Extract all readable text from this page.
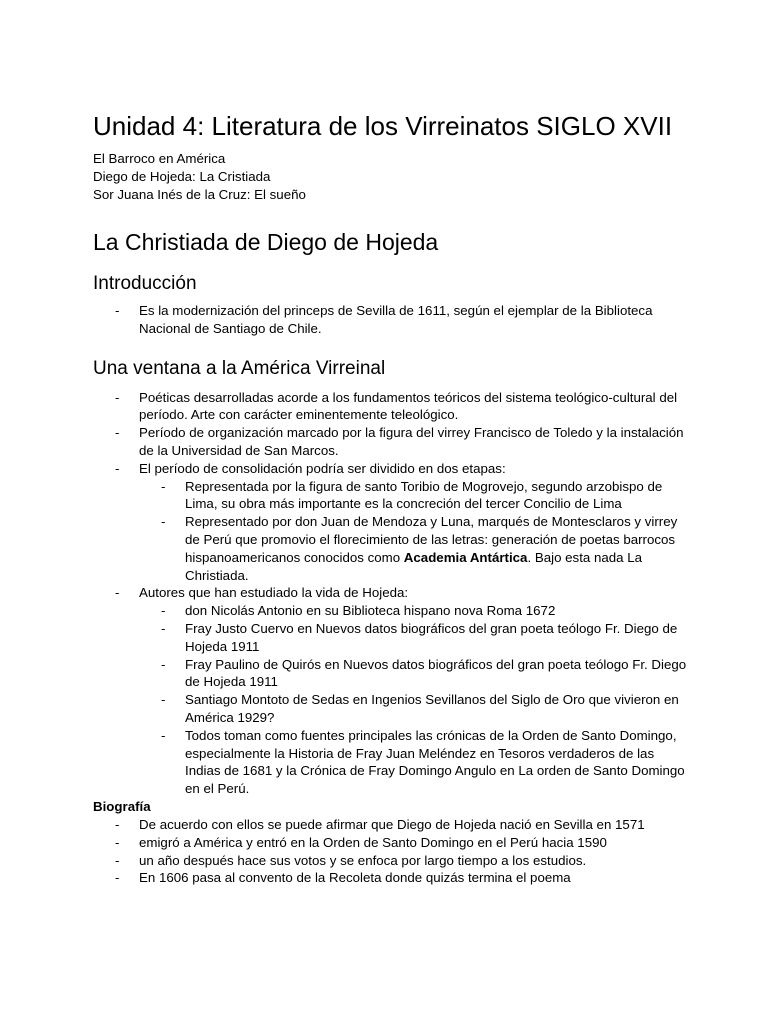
Unidad 4: Literatura de los Virreinatos SIGLO XVII

El Barroco en América

Diego de Hojeda: La Cristiada

Sor Juana Inés de la Cruz: El sueño

La Christiada de Diego de Hojeda
Introducción
- Es la modernización del princeps de Sevilla de 1611, según el ejemplar de la Biblioteca Nacional de Santiago de Chile.
Una ventana a la América Virreinal
- Poéticas desarrolladas acorde a los fundamentos teóricos del sistema teológico-cultural del período. Arte con carácter eminentemente teleológico.
- Período de organización marcado por la figura del virrey Francisco de Toledo y la instalación de la Universidad de San Marcos.
- El período de consolidación podría ser dividido en dos etapas:
- Representada por la figura de santo Toribio de Mogrovejo, segundo arzobispo de Lima, su obra más importante es la concreción del tercer Concilio de Lima
- Representado por don Juan de Mendoza y Luna, marqués de Montesclaros y virrey de Perú que promovio el florecimiento de las letras: generación de poetas barrocos hispanoamericanos conocidos como Academia Antártica. Bajo esta nada La Christiada.
- Autores que han estudiado la vida de Hojeda:
- don Nicolás Antonio en su Biblioteca hispano nova Roma 1672
- Fray Justo Cuervo en Nuevos datos biográficos del gran poeta teólogo Fr. Diego de Hojeda 1911
- Fray Paulino de Quirós en Nuevos datos biográficos del gran poeta teólogo Fr. Diego de Hojeda 1911
- Santiago Montoto de Sedas en Ingenios Sevillanos del Siglo de Oro que vivieron en América 1929?
- Todos toman como fuentes principales las crónicas de la Orden de Santo Domingo, especialmente la Historia de Fray Juan Meléndez en Tesoros verdaderos de las Indias de 1681 y la Crónica de Fray Domingo Angulo en La orden de Santo Domingo en el Perú.

Biografía

- De acuerdo con ellos se puede afirmar que Diego de Hojeda nació en Sevilla en 1571
- emigró a América y entró en la Orden de Santo Domingo en el Perú hacia 1590
- un año después hace sus votos y se enfoca por largo tiempo a los estudios.
- En 1606 pasa al convento de la Recoleta donde quizás termina el poema
